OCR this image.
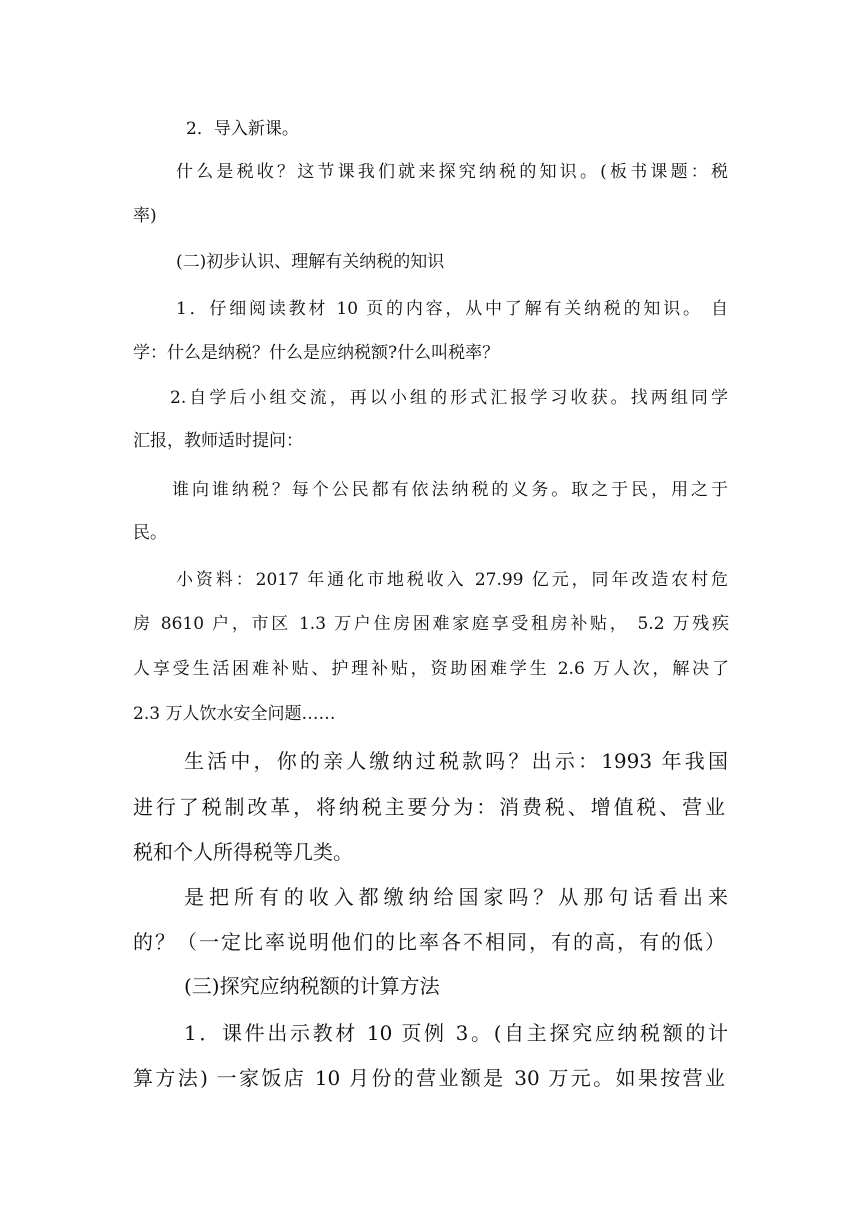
2．导入新课。
什么是税收？这节课我们就来探究纳税的知识。(板书课题：税
率)
(二)初步认识、理解有关纳税的知识
1．仔细阅读教材 10 页的内容，从中了解有关纳税的知识。 自
学：什么是纳税？什么是应纳税额?什么叫税率？
2.自学后小组交流，再以小组的形式汇报学习收获。找两组同学
汇报，教师适时提问：
谁向谁纳税？每个公民都有依法纳税的义务。取之于民，用之于
民。
小资料：2017 年通化市地税收入 27.99 亿元，同年改造农村危
房 8610 户，市区 1.3 万户住房困难家庭享受租房补贴， 5.2 万残疾
人享受生活困难补贴、护理补贴，资助困难学生 2.6 万人次，解决了
2.3 万人饮水安全问题……
生活中，你的亲人缴纳过税款吗？出示：1993 年我国
进行了税制改革，将纳税主要分为：消费税、增值税、营业
税和个人所得税等几类。
是把所有的收入都缴纳给国家吗？从那句话看出来
的？（一定比率说明他们的比率各不相同，有的高，有的低）
(三)探究应纳税额的计算方法
1．课件出示教材 10 页例 3。(自主探究应纳税额的计
算方法) 一家饭店 10 月份的营业额是 30 万元。如果按营业
